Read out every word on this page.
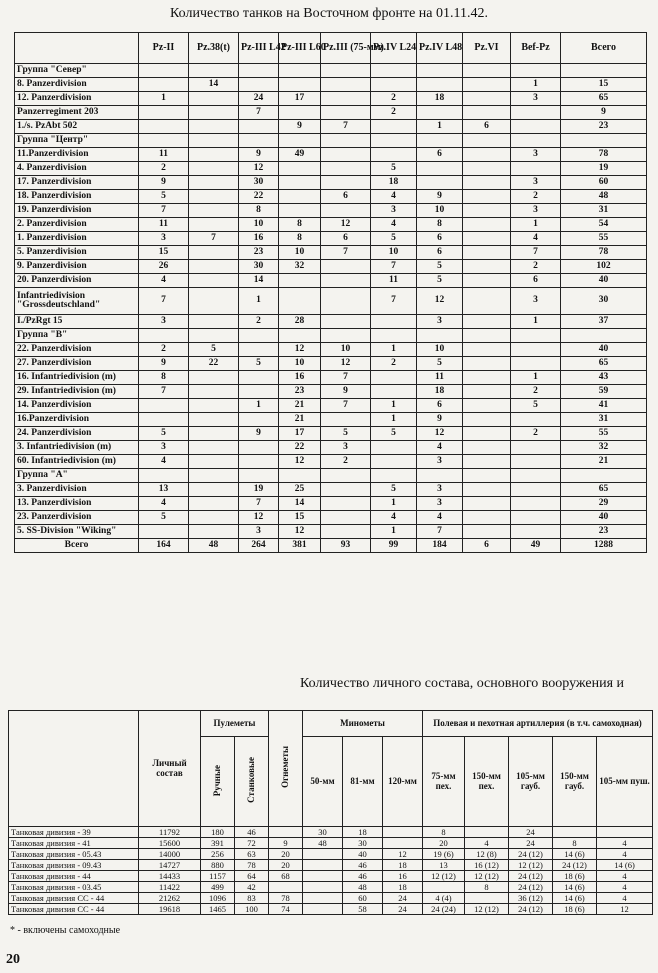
Количество танков на Восточном фронте на 01.11.42.
	Pz-II	Pz.38(t)	Pz-III L42	Pz-III L60	Pz.III (75-мм)	Pz.IV L24	Pz.IV L48	Pz.VI	Bef-Pz	Всего
Группа "Север"										
8. Panzerdivision		14							1	15
12. Panzerdivision	1		24	17		2	18		3	65
Panzerregiment 203			7			2				9
1./s. PzAbt 502				9	7		1	6		23
Группа "Центр"										
11.Panzerdivision	11		9	49			6		3	78
4. Panzerdivision	2		12			5				19
17. Panzerdivision	9		30			18			3	60
18. Panzerdivision	5		22		6	4	9		2	48
19. Panzerdivision	7		8			3	10		3	31
2. Panzerdivision	11		10	8	12	4	8		1	54
1. Panzerdivision	3	7	16	8	6	5	6		4	55
5. Panzerdivision	15		23	10	7	10	6		7	78
9. Panzerdivision	26		30	32		7	5		2	102
20. Panzerdivision	4		14			11	5		6	40
Infantriedivision "Grossdeutschland"	7		1			7	12		3	30
I./PzRgt 15	3		2	28			3		1	37
Группа "B"										
22. Panzerdivision	2	5		12	10	1	10			40
27. Panzerdivision	9	22	5	10	12	2	5			65
16. Infantriedivision (m)	8			16	7		11		1	43
29. Infantriedivision (m)	7			23	9		18		2	59
14. Panzerdivision			1	21	7	1	6		5	41
16.Panzerdivision				21		1	9			31
24. Panzerdivision	5		9	17	5	5	12		2	55
3. Infantriedivision (m)	3			22	3		4			32
60. Infantriedivision (m)	4			12	2		3			21
Группа "А"										
3. Panzerdivision	13		19	25		5	3			65
13. Panzerdivision	4		7	14		1	3			29
23. Panzerdivision	5		12	15		4	4			40
5. SS-Division "Wiking"			3	12		1	7			23
Всего	164	48	264	381	93	99	184	6	49	1288
Количество личного состава, основного вооружения и
	Личный состав	Пулеметы		Огнеметы	Минометы			Полевая и пехотная артиллерия (в т.ч. самоходная)				
		Ручные	Станковые		50-мм	81-мм	120-мм	75-мм пех.	150-мм пех.	105-мм гауб.	150-мм гауб.	105-мм пуш.

Танковая дивизия - 39	11792	180	46		30	18		8		24		
Танковая дивизия - 41	15600	391	72	9	48	30		20	4	24	8	4
Танковая дивизия - 05.43	14000	256	63	20		40	12	19 (6)	12 (8)	24 (12)	14 (6)	4
Танковая дивизия - 09.43	14727	880	78	20		46	18	13	16 (12)	12 (12)	24 (12)	14 (6)
Танковая дивизия - 44	14433	1157	64	68		46	16	12 (12)	12 (12)	24 (12)	18 (6)	4
Танковая дивизия - 03.45	11422	499	42			48	18		8	24 (12)	14 (6)	4
Танковая дивизия СС - 44	21262	1096	83	78		60	24	4 (4)		36 (12)	14 (6)	4
Танковая дивизия СС - 44	19618	1465	100	74		58	24	24 (24)	12 (12)	24 (12)	18 (6)	12
* - включены самоходные
20
